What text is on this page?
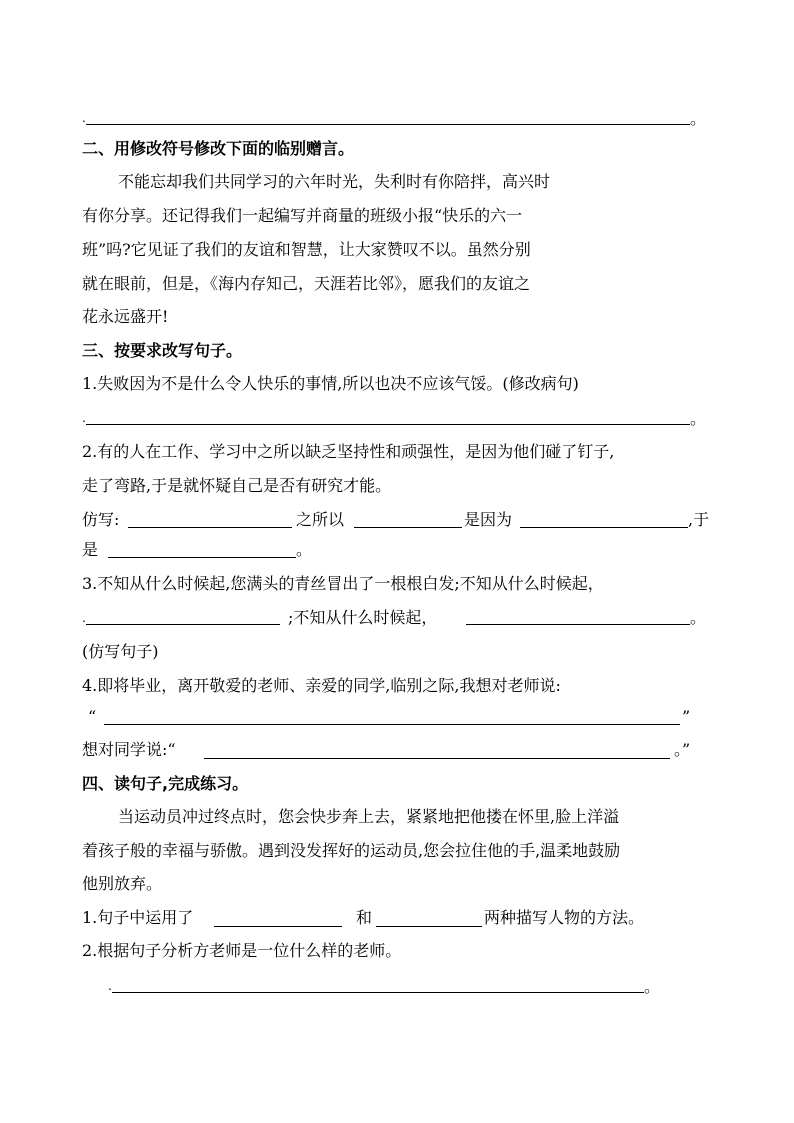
.	。
二、用修改符号修改下面的临别赠言。
不能忘却我们共同学习的六年时光，失利时有你陪拌，高兴时
有你分享。还记得我们一起编写并商量的班级小报“快乐的六一
班”吗?它见证了我们的友谊和智慧，让大家赞叹不以。虽然分别
就在眼前，但是，《海内存知己，天涯若比邻》，愿我们的友谊之
花永远盛开!
三、按要求改写句子。
1.失败因为不是什么令人快乐的事情,所以也决不应该气馁。(修改病句)
.	。
2.有的人在工作、学习中之所以缺乏坚持性和顽强性，是因为他们碰了钉子,
走了弯路,于是就怀疑自己是否有研究才能。
仿写:	之所以	是因为	,于
是	。
3.不知从什么时候起,您满头的青丝冒出了一根根白发;不知从什么时候起，
.	;不知从什么时候起，	。
(仿写句子)
4.即将毕业，离开敬爱的老师、亲爱的同学,临别之际,我想对老师说:
“	”
想对同学说:“	。”
四、读句子,完成练习。
当运动员冲过终点时，您会快步奔上去，紧紧地把他搂在怀里,脸上洋溢
着孩子般的幸福与骄傲。遇到没发挥好的运动员,您会拉住他的手,温柔地鼓励
他别放弃。
1.句子中运用了	和	两种描写人物的方法。
2.根据句子分析方老师是一位什么样的老师。
.	。
